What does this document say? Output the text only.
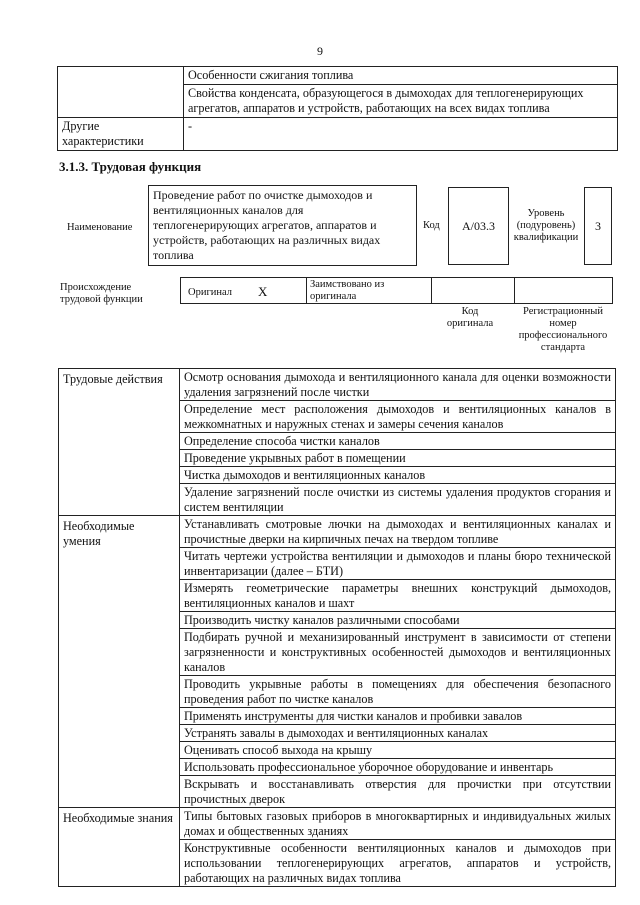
9
	Особенности сжигания топлива
	Свойства конденсата, образующегося в дымоходах для теплогенерирующих агрегатов, аппаратов и устройств, работающих на всех видах топлива
Другие характеристики	-
3.1.3. Трудовая функция
Наименование
Проведение работ по очистке дымоходов и вентиляционных каналов для теплогенерирующих агрегатов, аппаратов и устройств, работающих на различных видах топлива
Код	А/03.3
Уровень (подуровень) квалификации
3
Происхождение трудовой функции
Оригинал X	Заимствовано из оригинала
Код оригинала
Регистрационный номер профессионального стандарта
Трудовые действия	Осмотр основания дымохода и вентиляционного канала для оценки возможности удаления загрязнений после чистки
	Определение мест расположения дымоходов и вентиляционных каналов в межкомнатных и наружных стенах и замеры сечения каналов
	Определение способа чистки каналов
	Проведение укрывных работ в помещении
	Чистка дымоходов и вентиляционных каналов
	Удаление загрязнений после очистки из системы удаления продуктов сгорания и систем вентиляции
Необходимые умения	Устанавливать смотровые лючки на дымоходах и вентиляционных каналах и прочистные дверки на кирпичных печах на твердом топливе
	Читать чертежи устройства вентиляции и дымоходов и планы бюро технической инвентаризации (далее – БТИ)
	Измерять геометрические параметры внешних конструкций дымоходов, вентиляционных каналов и шахт
	Производить чистку каналов различными способами
	Подбирать ручной и механизированный инструмент в зависимости от степени загрязненности и конструктивных особенностей дымоходов и вентиляционных каналов
	Проводить укрывные работы в помещениях для обеспечения безопасного проведения работ по чистке каналов
	Применять инструменты для чистки каналов и пробивки завалов
	Устранять завалы в дымоходах и вентиляционных каналах
	Оценивать способ выхода на крышу
	Использовать профессиональное уборочное оборудование и инвентарь
	Вскрывать и восстанавливать отверстия для прочистки при отсутствии прочистных дверок
Необходимые знания	Типы бытовых газовых приборов в многоквартирных и индивидуальных жилых домах и общественных зданиях
	Конструктивные особенности вентиляционных каналов и дымоходов при использовании теплогенерирующих агрегатов, аппаратов и устройств, работающих на различных видах топлива
